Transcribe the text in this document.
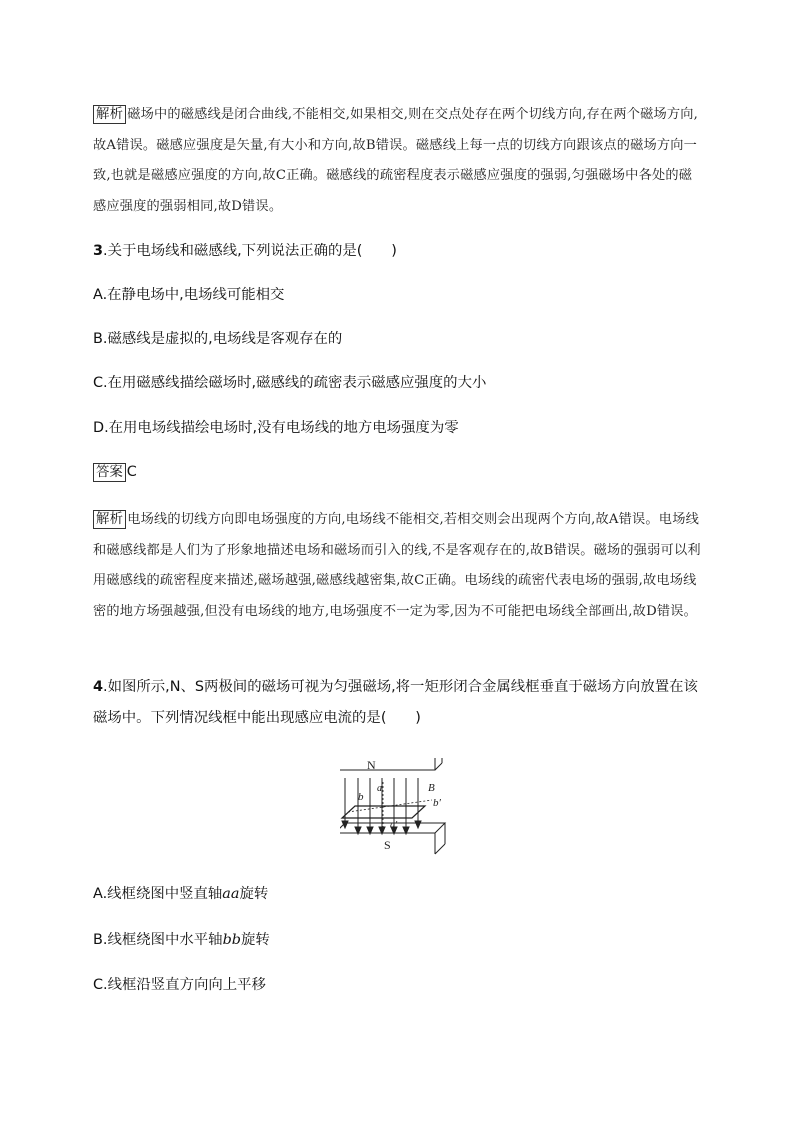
解析 磁场中的磁感线是闭合曲线,不能相交,如果相交,则在交点处存在两个切线方向,存在两个磁场方向,故A错误。磁感应强度是矢量,有大小和方向,故B错误。磁感线上每一点的切线方向跟该点的磁场方向一致,也就是磁感应强度的方向,故C正确。磁感线的疏密程度表示磁感应强度的强弱,匀强磁场中各处的磁感应强度的强弱相同,故D错误。
3.关于电场线和磁感线,下列说法正确的是(　　)
A.在静电场中,电场线可能相交
B.磁感线是虚拟的,电场线是客观存在的
C.在用磁感线描绘磁场时,磁感线的疏密表示磁感应强度的大小
D.在用电场线描绘电场时,没有电场线的地方电场强度为零
答案 C
解析 电场线的切线方向即电场强度的方向,电场线不能相交,若相交则会出现两个方向,故A错误。电场线和磁感线都是人们为了形象地描述电场和磁场而引入的线,不是客观存在的,故B错误。磁场的强弱可以利用磁感线的疏密程度来描述,磁场越强,磁感线越密集,故C正确。电场线的疏密代表电场的强弱,故电场线密的地方场强越强,但没有电场线的地方,电场强度不一定为零,因为不可能把电场线全部画出,故D错误。
4.如图所示,N、S两极间的磁场可视为匀强磁场,将一矩形闭合金属线框垂直于磁场方向放置在该磁场中。下列情况线框中能出现感应电流的是(　　)
N
b
a	B
b′
a′
S
A.线框绕图中竖直轴aa旋转
B.线框绕图中水平轴bb旋转
C.线框沿竖直方向向上平移
